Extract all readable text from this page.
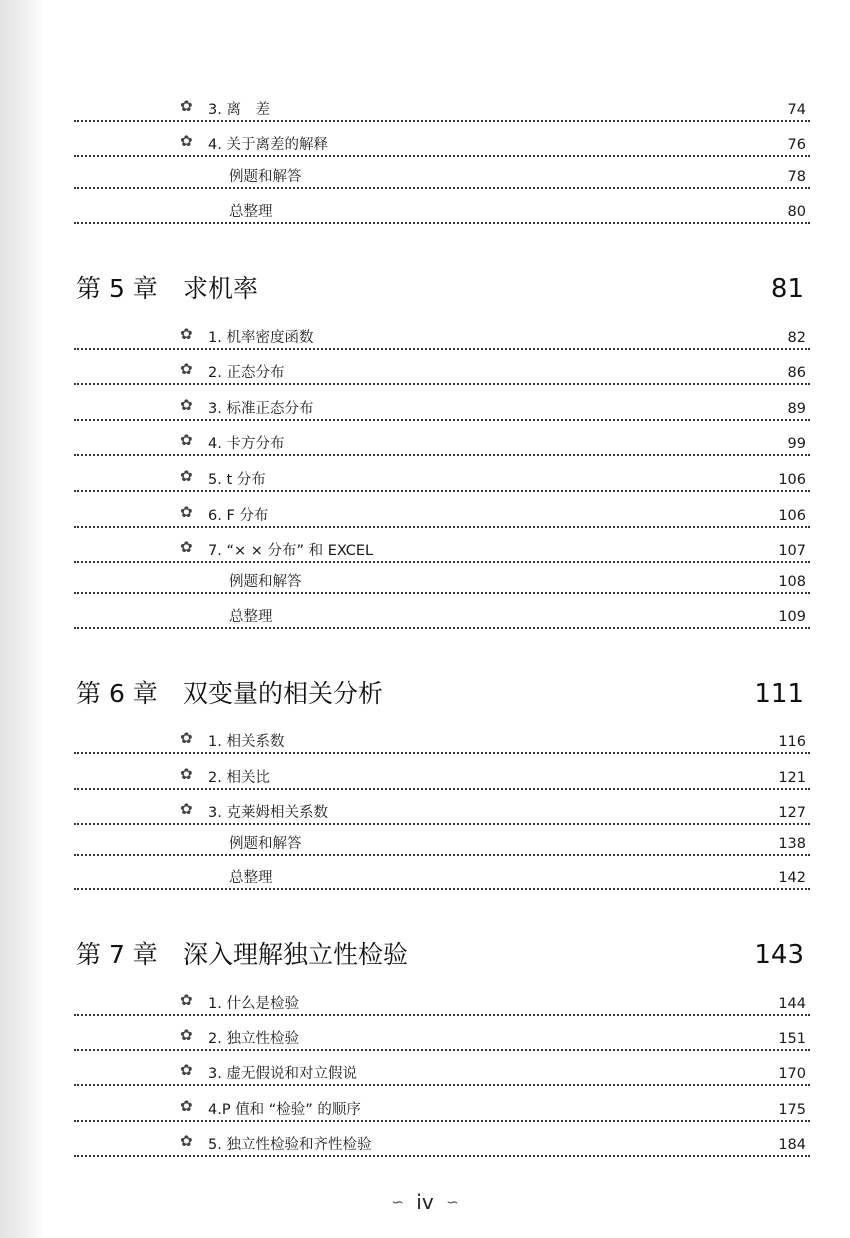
✿ 3. 离　差	74
✿ 4. 关于离差的解释	76
例题和解答	78
总整理	80
第 5 章 求机率	81
✿ 1. 机率密度函数	82
✿ 2. 正态分布	86
✿ 3. 标准正态分布	89
✿ 4. 卡方分布	99
✿ 5. t 分布	106
✿ 6. F 分布	106
✿ 7. “× × 分布” 和 EXCEL	107
例题和解答	108
总整理	109
第 6 章 双变量的相关分析	111
✿ 1. 相关系数	116
✿ 2. 相关比	121
✿ 3. 克莱姆相关系数	127
例题和解答	138
总整理	142
第 7 章 深入理解独立性检验	143
✿ 1. 什么是检验	144
✿ 2. 独立性检验	151
✿ 3. 虚无假说和对立假说	170
✿ 4.P 值和 “检验” 的顺序	175
✿ 5. 独立性检验和齐性检验	184
∽ iv ∽
